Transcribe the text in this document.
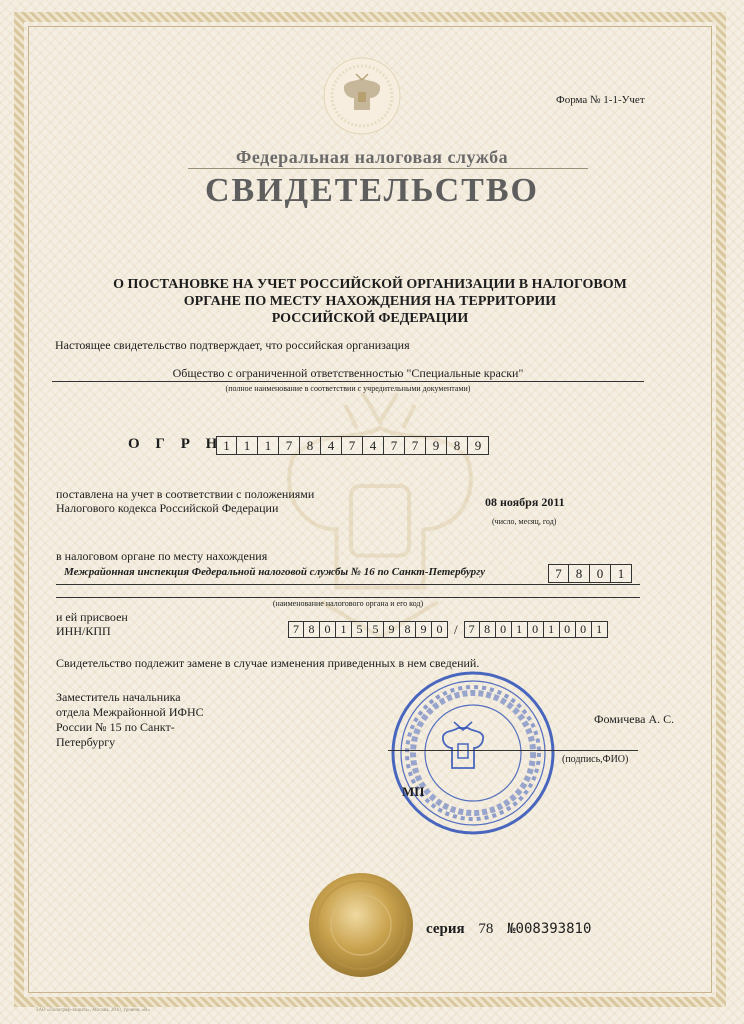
Форма № 1-1-Учет
Федеральная налоговая служба
СВИДЕТЕЛЬСТВО
О ПОСТАНОВКЕ НА УЧЕТ РОССИЙСКОЙ ОРГАНИЗАЦИИ В НАЛОГОВОМ
ОРГАНЕ ПО МЕСТУ НАХОЖДЕНИЯ НА ТЕРРИТОРИИ
РОССИЙСКОЙ ФЕДЕРАЦИИ
Настоящее свидетельство подтверждает, что российская организация
Общество с ограниченной ответственностью "Специальные краски"
(полное наименование в соответствии с учредительными документами)
О Г Р Н 1	1	1	7	8	4	7	4	7	7	9	8	9
поставлена на учет в соответствии с положениями
Налогового кодекса Российской Федерации	08 ноября 2011
(число, месяц, год)
в налоговом органе по месту нахождения
Межрайонная инспекция Федеральной налоговой службы № 16 по Санкт-Петербургу	7	8	0	1
(наименование налогового органа и его код)
и ей присвоен
ИНН/КПП	7 8 0 1 5 5 9 8 9 0 / 7 8 0 1 0 1 0 0 1
Свидетельство подлежит замене в случае изменения приведенных в нем сведений.
Заместитель начальника
отдела Межрайонной ИФНС
России № 15 по Санкт-
Петербургу
Фомичева А. С.
(подпись,ФИО)
МП
серия 78 №008393810
ЗАО «Полиграф-защита», Москва, 2010, уровень «В»
